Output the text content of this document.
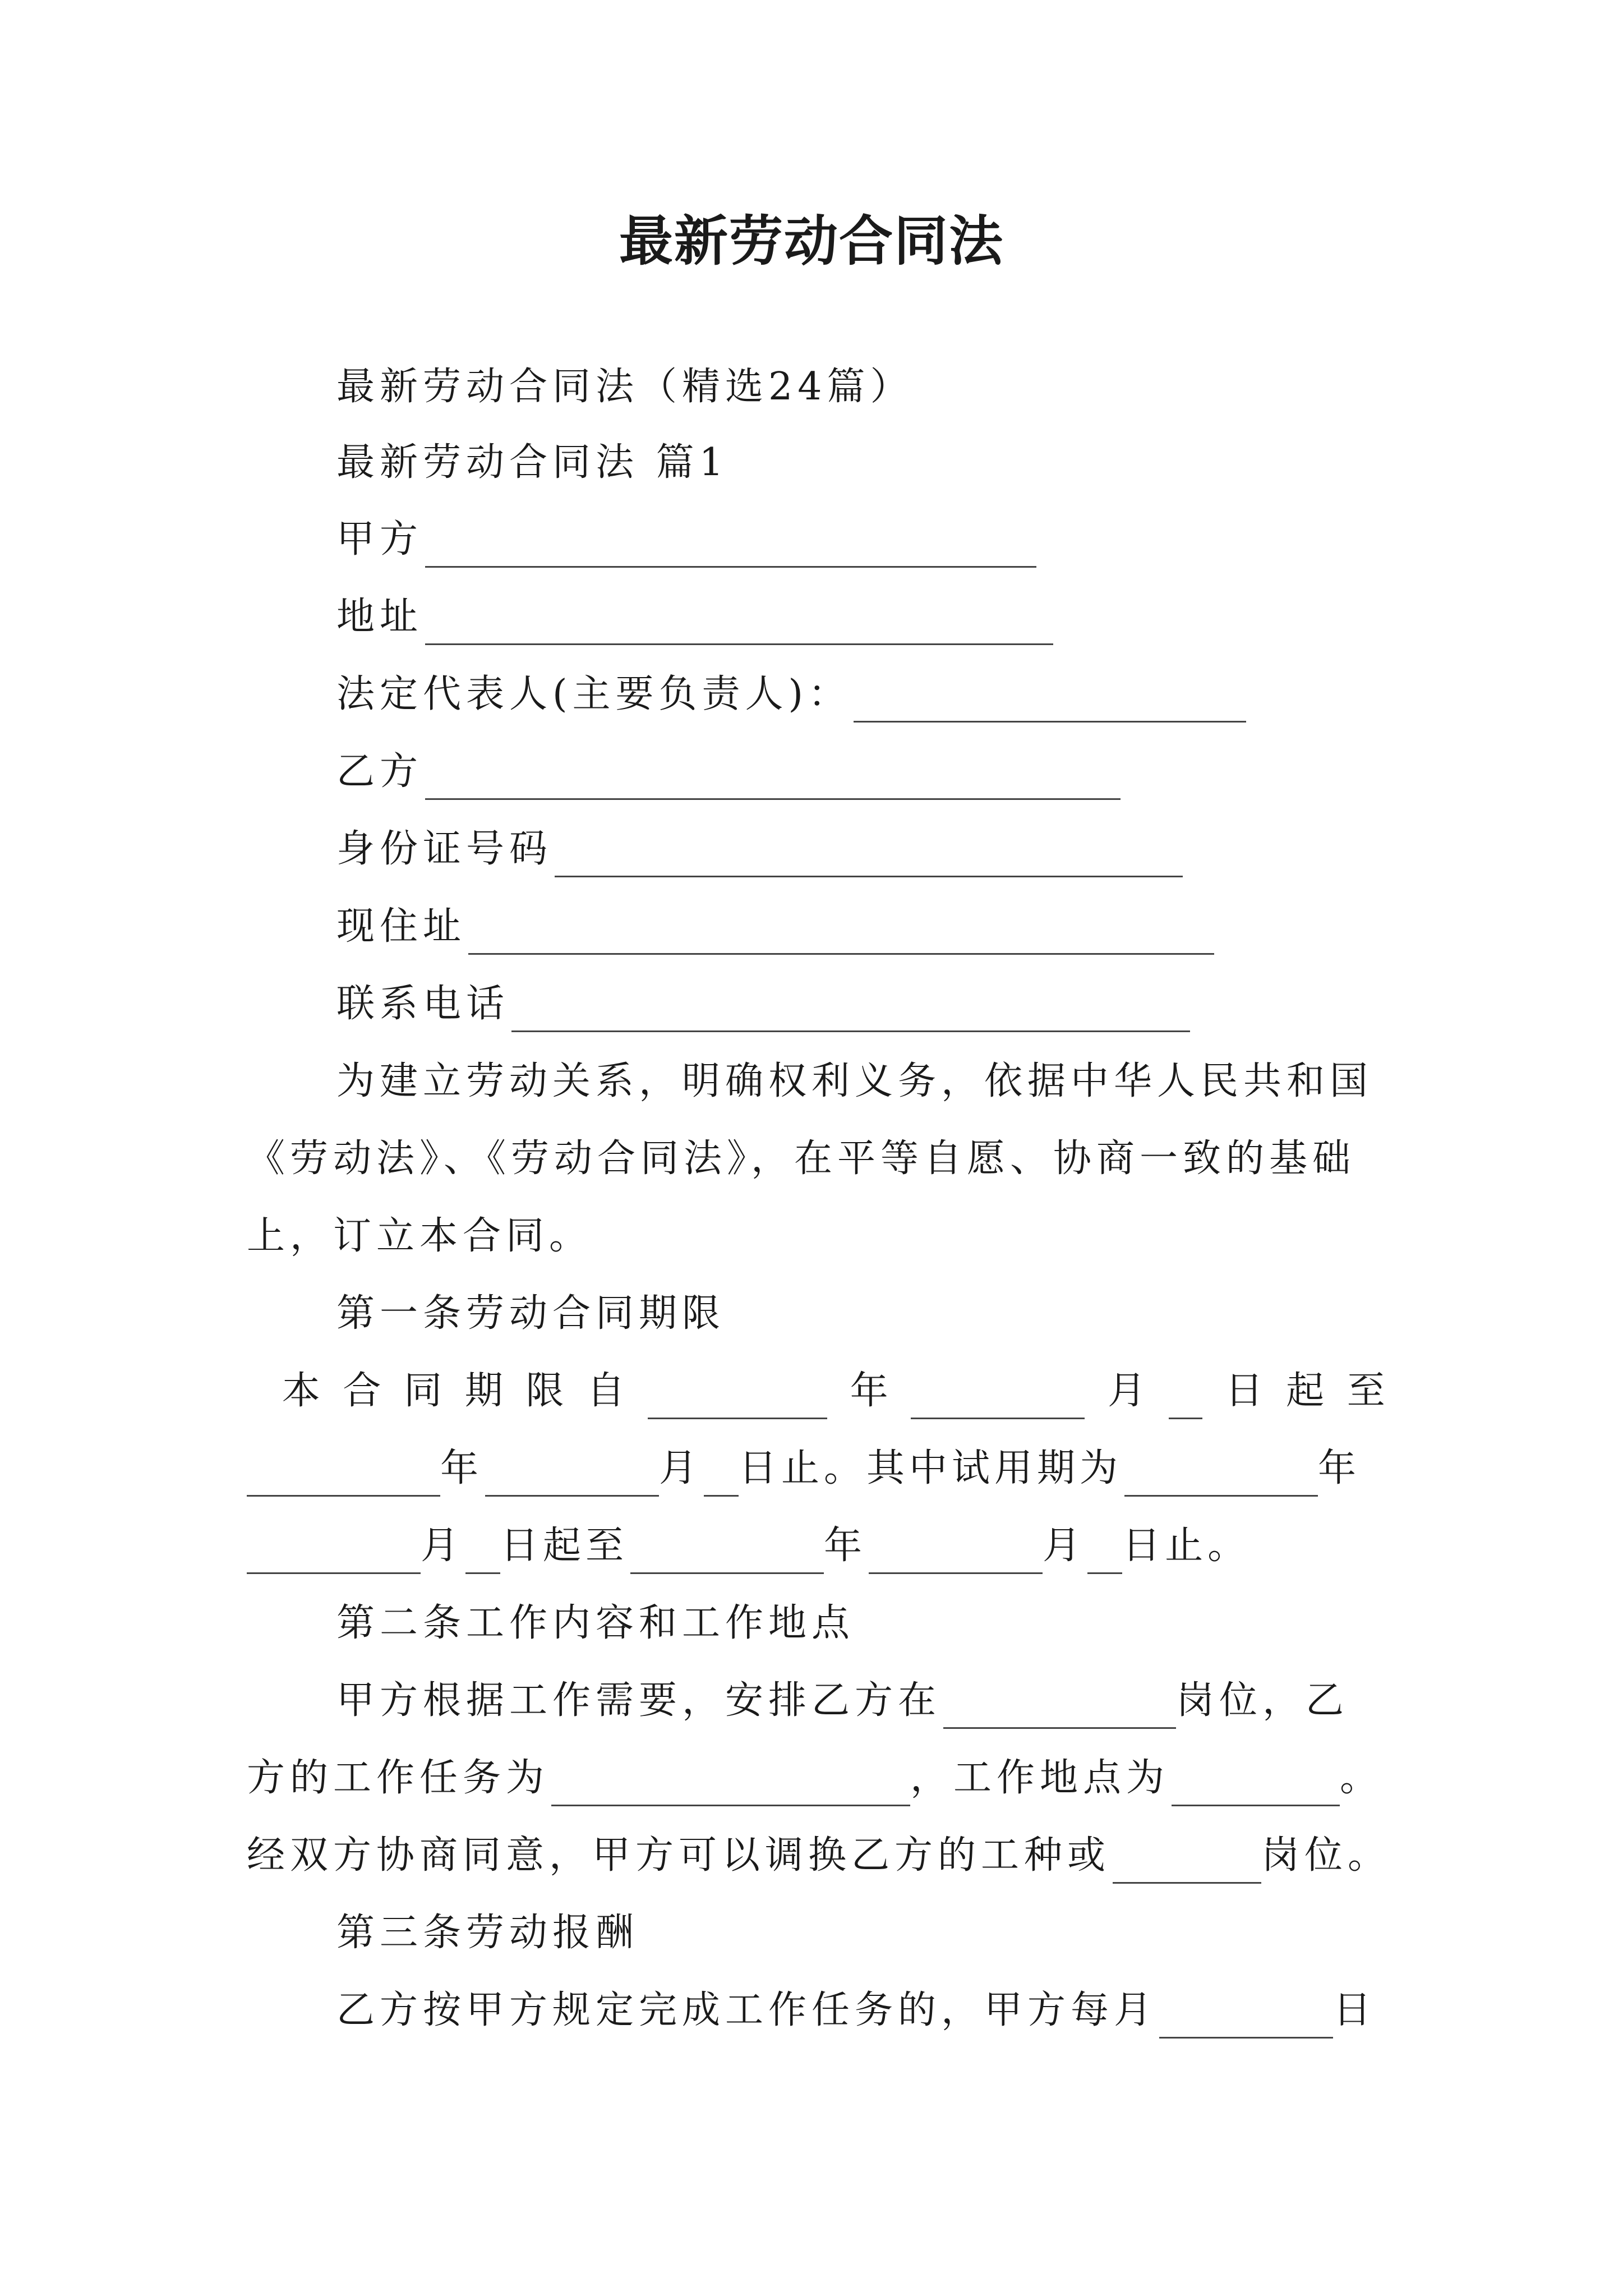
最新劳动合同法
最新劳动合同法（精选24篇）
最新劳动合同法 篇1
甲方
地址
法定代表人(主要负责人)：
乙方
身份证号码
现住址
联系电话
为建立劳动关系，明确权利义务，依据中华人民共和国
《劳动法》、《劳动合同法》，在平等自愿、协商一致的基础
上，订立本合同。
第一条劳动合同期限
本 合 同 期 限 自	年	月 日 起 至
年	月 日止。其中试用期为	年
月 日起至	年	月 日止。
第二条工作内容和工作地点
甲方根据工作需要，安排乙方在	岗位，乙
方的工作任务为	，工作地点为	。
经双方协商同意，甲方可以调换乙方的工种或	岗位。
第三条劳动报酬
乙方按甲方规定完成工作任务的，甲方每月	日
